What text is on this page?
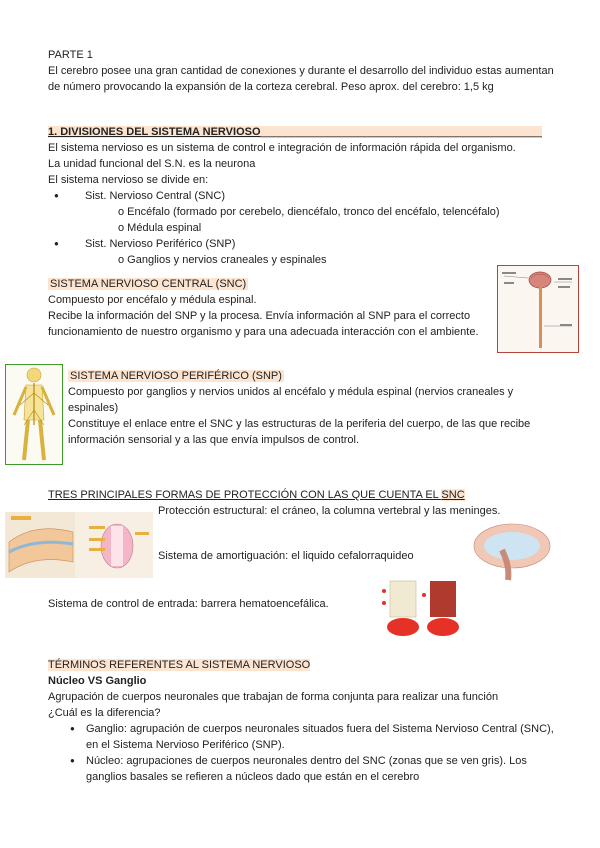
PARTE 1
El cerebro posee una gran cantidad de conexiones y durante el desarrollo del individuo estas aumentan de número provocando la expansión de la corteza cerebral. Peso aprox. del cerebro: 1,5 kg
1. DIVISIONES DEL SISTEMA NERVIOSO______________________________________________
El sistema nervioso es un sistema de control e integración de información rápida del organismo.
La unidad funcional del S.N. es la neurona
El sistema nervioso se divide en:
● Sist. Nervioso Central (SNC)
o Encéfalo (formado por cerebelo, diencéfalo, tronco del encéfalo, telencéfalo)
o Médula espinal
● Sist. Nervioso Periférico (SNP)
o Ganglios y nervios craneales y espinales
SISTEMA NERVIOSO CENTRAL (SNC)
Compuesto por encéfalo y médula espinal.
Recibe la información del SNP y la procesa. Envía información al SNP para el correcto funcionamiento de nuestro organismo y para una adecuada interacción con el ambiente.
SISTEMA NERVIOSO PERIFÉRICO (SNP)
Compuesto por ganglios y nervios unidos al encéfalo y médula espinal (nervios craneales y espinales)
Constituye el enlace entre el SNC y las estructuras de la periferia del cuerpo, de las que recibe información sensorial y a las que envía impulsos de control.
TRES PRINCIPALES FORMAS DE PROTECCIÓN CON LAS QUE CUENTA EL SNC
Protección estructural: el cráneo, la columna vertebral y las meninges.
Sistema de amortiguación: el liquido cefalorraquideo
Sistema de control de entrada: barrera hematoencefálica.
TÉRMINOS REFERENTES AL SISTEMA NERVIOSO
Núcleo VS Ganglio
Agrupación de cuerpos neuronales que trabajan de forma conjunta para realizar una función
¿Cuál es la diferencia?
● Ganglio: agrupación de cuerpos neuronales situados fuera del Sistema Nervioso Central (SNC), en el Sistema Nervioso Periférico (SNP).
● Núcleo: agrupaciones de cuerpos neuronales dentro del SNC (zonas que se ven gris). Los ganglios basales se refieren a núcleos dado que están en el cerebro
